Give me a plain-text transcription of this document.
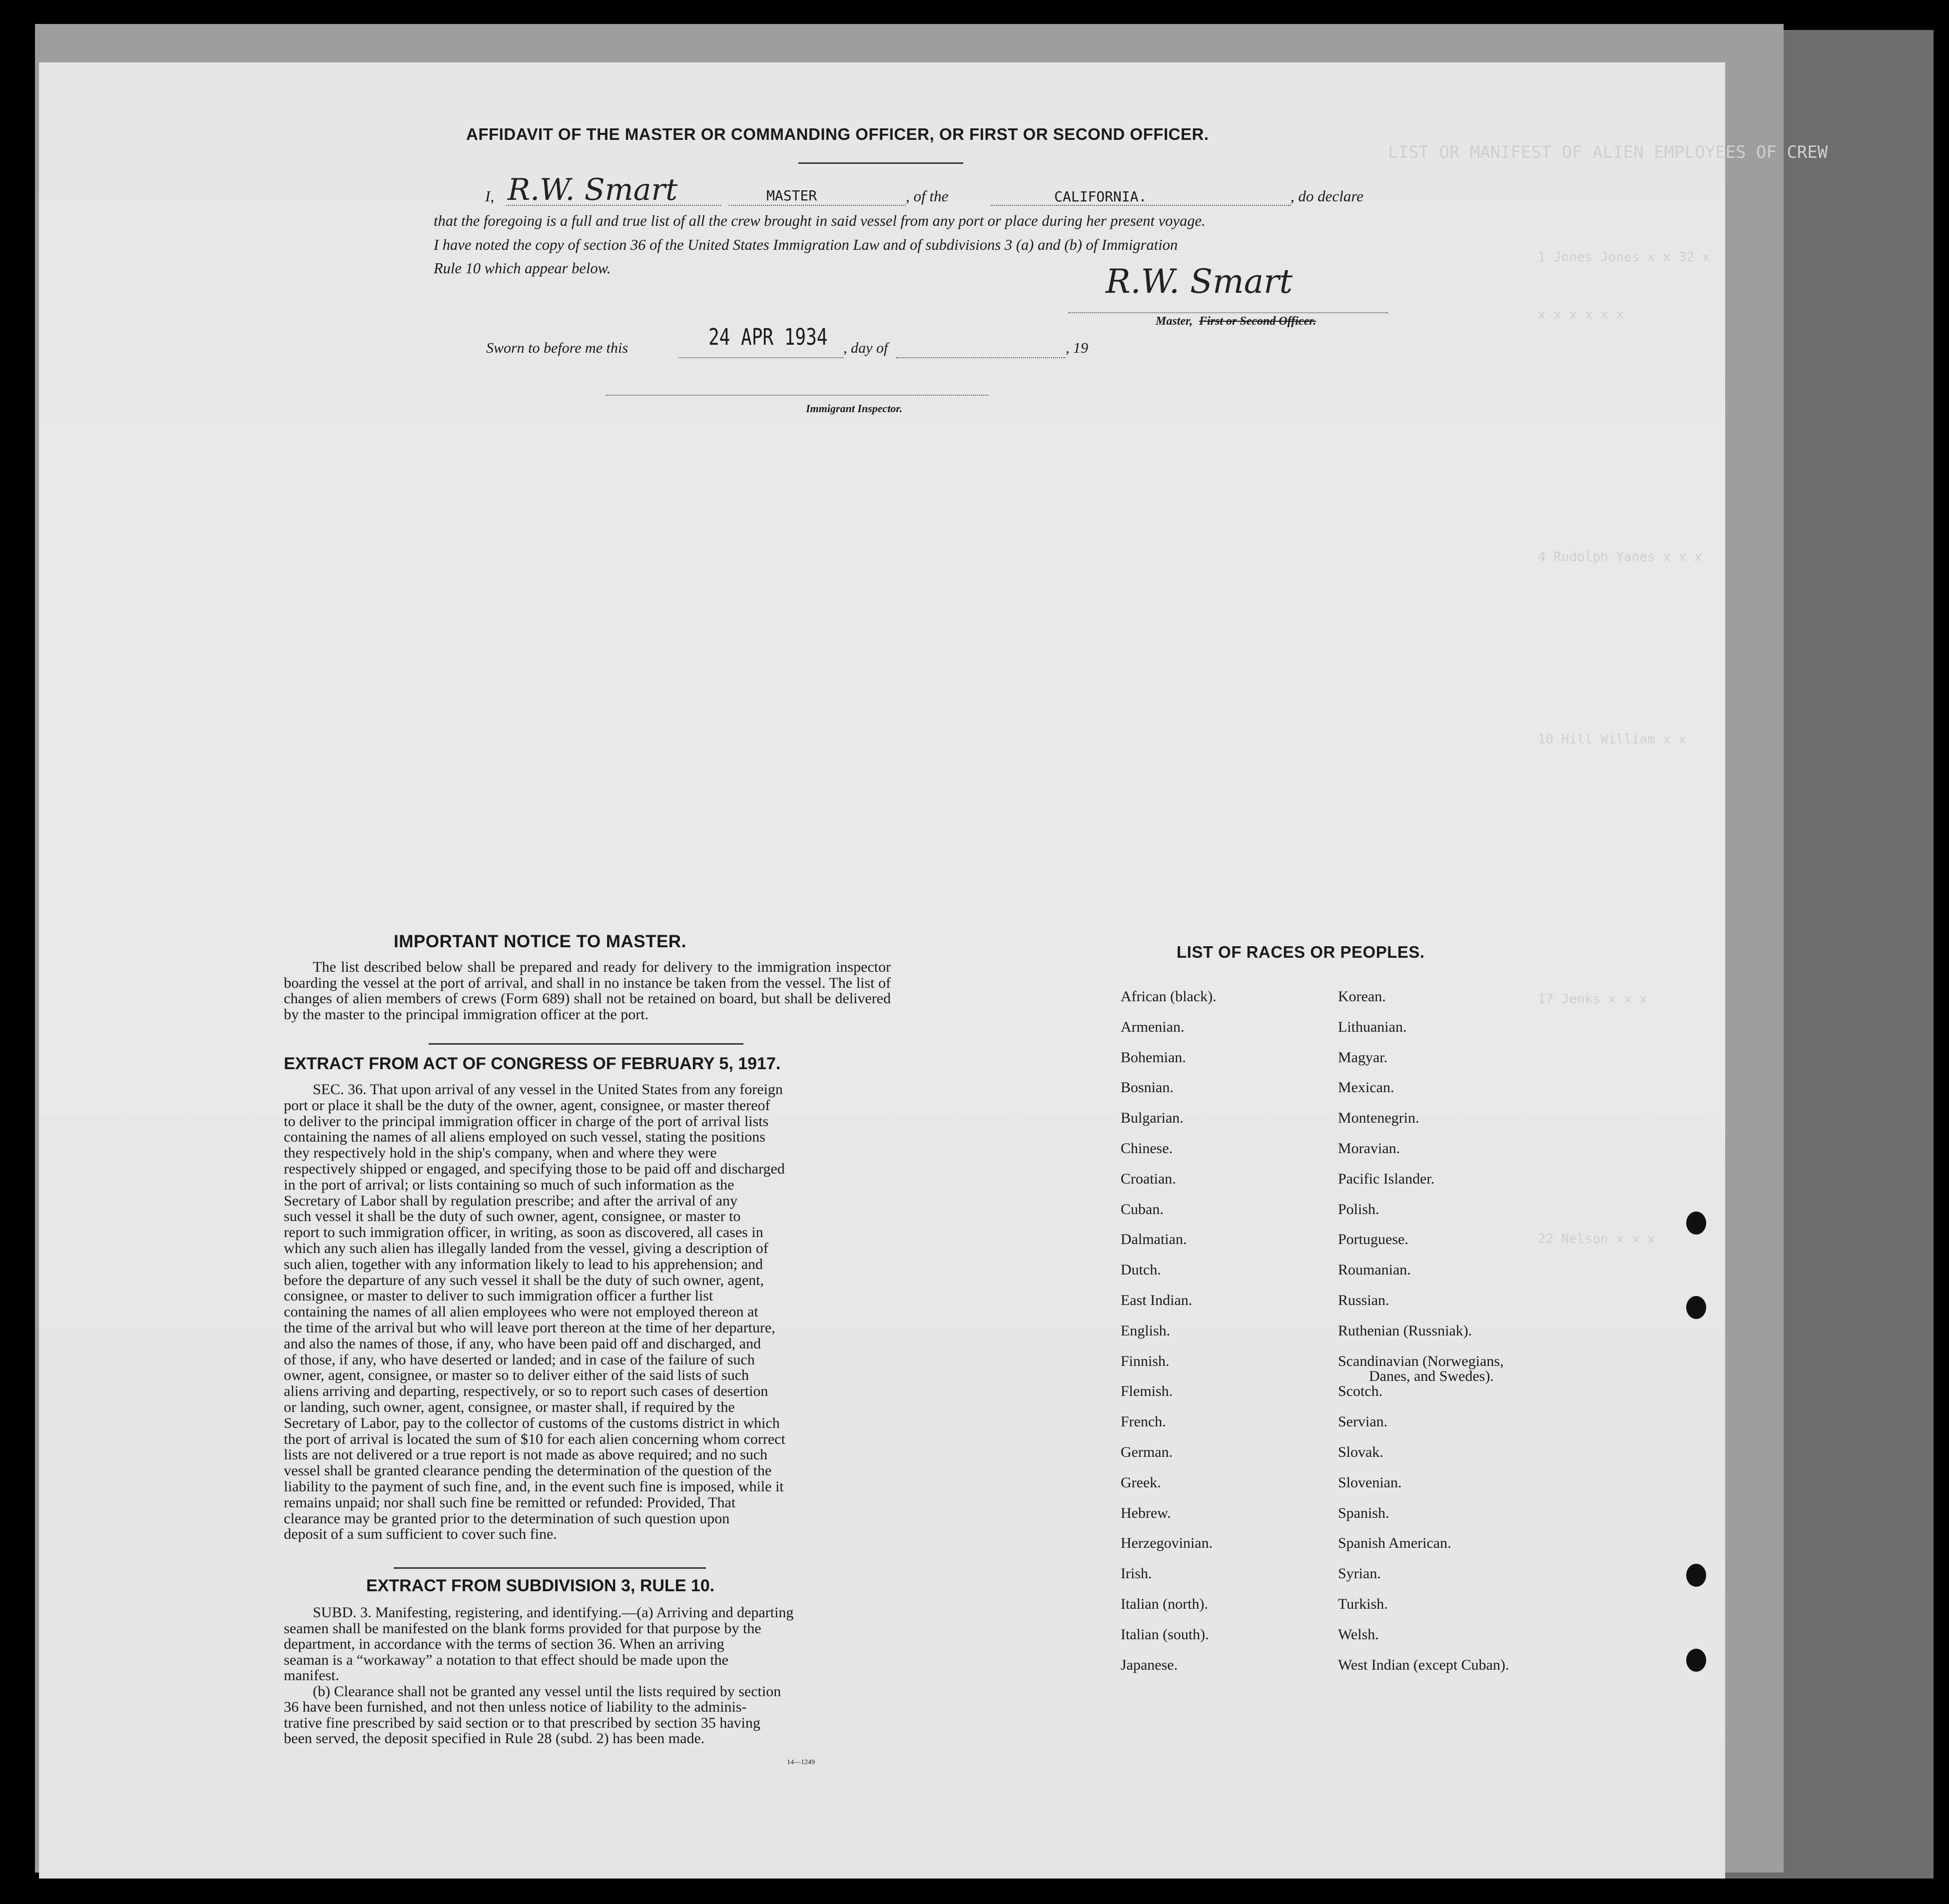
LIST OR MANIFEST OF ALIEN EMPLOYEES OF CREW
1 Jones Jones x x 32 x
x x x x x x
4 Rudolph Yanes x x x
10 Hill William x x
17 Jenks x x x
22 Nelson x x x
AFFIDAVIT OF THE MASTER OR COMMANDING OFFICER, OR FIRST OR SECOND OFFICER.
I, R.W. Smart	MASTER	, of the	CALIFORNIA.	, do declare
that the foregoing is a full and true list of all the crew brought in said vessel from any port or place during her present voyage.
I have noted the copy of section 36 of the United States Immigration Law and of subdivisions 3 (a) and (b) of Immigration
Rule 10 which appear below.	R.W. Smart
Master, First or Second Officer.
Sworn to before me this	24 APR 1934 , day of	, 19
Immigrant Inspector.
IMPORTANT NOTICE TO MASTER.
The list described below shall be prepared and ready for delivery to the immigration inspector boarding the vessel at the port of arrival, and shall in no instance be taken from the vessel. The list of changes of alien members of crews (Form 689) shall not be retained on board, but shall be delivered by the master to the principal immigration officer at the port.
EXTRACT FROM ACT OF CONGRESS OF FEBRUARY 5, 1917.
SEC. 36. That upon arrival of any vessel in the United States from any foreign
port or place it shall be the duty of the owner, agent, consignee, or master thereof
to deliver to the principal immigration officer in charge of the port of arrival lists
containing the names of all aliens employed on such vessel, stating the positions
they respectively hold in the ship's company, when and where they were
respectively shipped or engaged, and specifying those to be paid off and discharged
in the port of arrival; or lists containing so much of such information as the
Secretary of Labor shall by regulation prescribe; and after the arrival of any
such vessel it shall be the duty of such owner, agent, consignee, or master to
report to such immigration officer, in writing, as soon as discovered, all cases in
which any such alien has illegally landed from the vessel, giving a description of
such alien, together with any information likely to lead to his apprehension; and
before the departure of any such vessel it shall be the duty of such owner, agent,
consignee, or master to deliver to such immigration officer a further list
containing the names of all alien employees who were not employed thereon at
the time of the arrival but who will leave port thereon at the time of her departure,
and also the names of those, if any, who have been paid off and discharged, and
of those, if any, who have deserted or landed; and in case of the failure of such
owner, agent, consignee, or master so to deliver either of the said lists of such
aliens arriving and departing, respectively, or so to report such cases of desertion
or landing, such owner, agent, consignee, or master shall, if required by the
Secretary of Labor, pay to the collector of customs of the customs district in which
the port of arrival is located the sum of $10 for each alien concerning whom correct
lists are not delivered or a true report is not made as above required; and no such
vessel shall be granted clearance pending the determination of the question of the
liability to the payment of such fine, and, in the event such fine is imposed, while it
remains unpaid; nor shall such fine be remitted or refunded: Provided, That
clearance may be granted prior to the determination of such question upon
deposit of a sum sufficient to cover such fine.
EXTRACT FROM SUBDIVISION 3, RULE 10.
SUBD. 3. Manifesting, registering, and identifying.—(a) Arriving and departing
seamen shall be manifested on the blank forms provided for that purpose by the
department, in accordance with the terms of section 36. When an arriving
seaman is a “workaway” a notation to that effect should be made upon the
manifest.
(b) Clearance shall not be granted any vessel until the lists required by section
36 have been furnished, and not then unless notice of liability to the adminis-
trative fine prescribed by said section or to that prescribed by section 35 having
been served, the deposit specified in Rule 28 (subd. 2) has been made.
14—1249
LIST OF RACES OR PEOPLES.
African (black).
Armenian.
Bohemian.
Bosnian.
Bulgarian.
Chinese.
Croatian.
Cuban.
Dalmatian.
Dutch.
East Indian.
English.
Finnish.
Flemish.
French.
German.
Greek.
Hebrew.
Herzegovinian.
Irish.
Italian (north).
Italian (south).
Japanese.
Korean.
Lithuanian.
Magyar.
Mexican.
Montenegrin.
Moravian.
Pacific Islander.
Polish.
Portuguese.
Roumanian.
Russian.
Ruthenian (Russniak).
Scandinavian (Norwegians,
Scotch.
Servian.
Slovak.
Slovenian.
Spanish.
Spanish American.
Syrian.
Turkish.
Welsh.
West Indian (except Cuban).
Danes, and Swedes).
